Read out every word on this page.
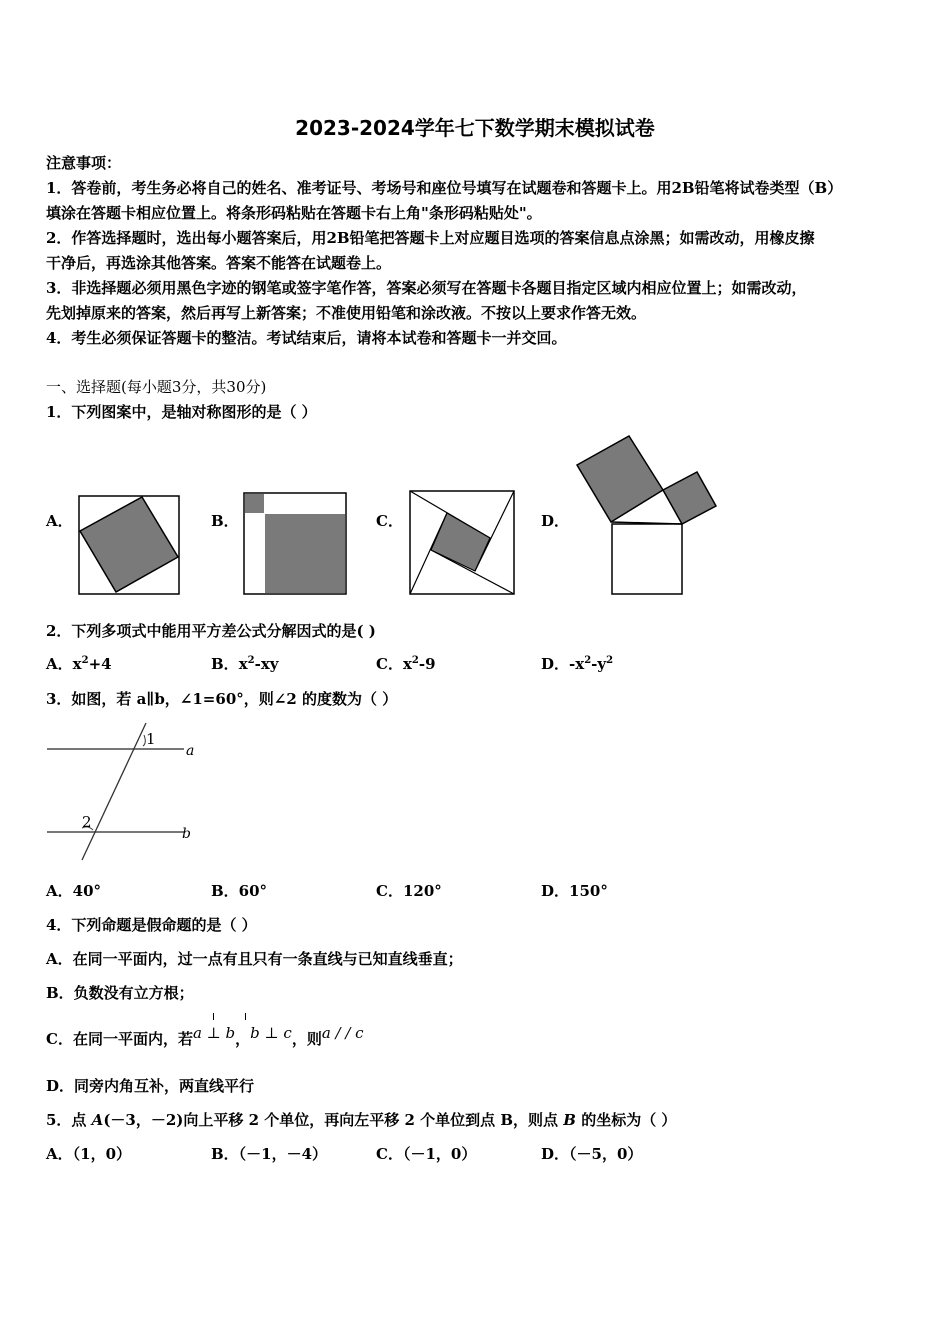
2023-2024学年七下数学期末模拟试卷
注意事项：
1．答卷前，考生务必将自己的姓名、准考证号、考场号和座位号填写在试题卷和答题卡上。用2B铅笔将试卷类型（B）
填涂在答题卡相应位置上。将条形码粘贴在答题卡右上角"条形码粘贴处"。
2．作答选择题时，选出每小题答案后，用2B铅笔把答题卡上对应题目选项的答案信息点涂黑；如需改动，用橡皮擦
干净后，再选涂其他答案。答案不能答在试题卷上。
3．非选择题必须用黑色字迹的钢笔或签字笔作答，答案必须写在答题卡各题目指定区域内相应位置上；如需改动，
先划掉原来的答案，然后再写上新答案；不准使用铅笔和涂改液。不按以上要求作答无效。
4．考生必须保证答题卡的整洁。考试结束后，请将本试卷和答题卡一并交回。
一、选择题(每小题3分，共30分)
1．下列图案中，是轴对称图形的是（ ）
A．	B．	C．	D．
2．下列多项式中能用平方差公式分解因式的是( )
A．$x^2+4$	B．$x^2-xy$	C．$x^2-9$	D．$-x^2-y^2$
3．如图，若 a∥b，∠1=60°，则∠2 的度数为（ ）
1
2
a
b
A．40°	B．60°	C．120°	D．150°
4．下列命题是假命题的是（ ）
A．在同一平面内，过一点有且只有一条直线与已知直线垂直；
B．负数没有立方根；
C．在同一平面内，若a ⊥ b，b ⊥ c，则a / / c
D．同旁内角互补，两直线平行
5．点 A(－3，－2)向上平移 2 个单位，再向左平移 2 个单位到点 B，则点 B 的坐标为（ ）
A．（1，0）	B．（－1，－4）	C．（－1，0）	D．（－5，0）
